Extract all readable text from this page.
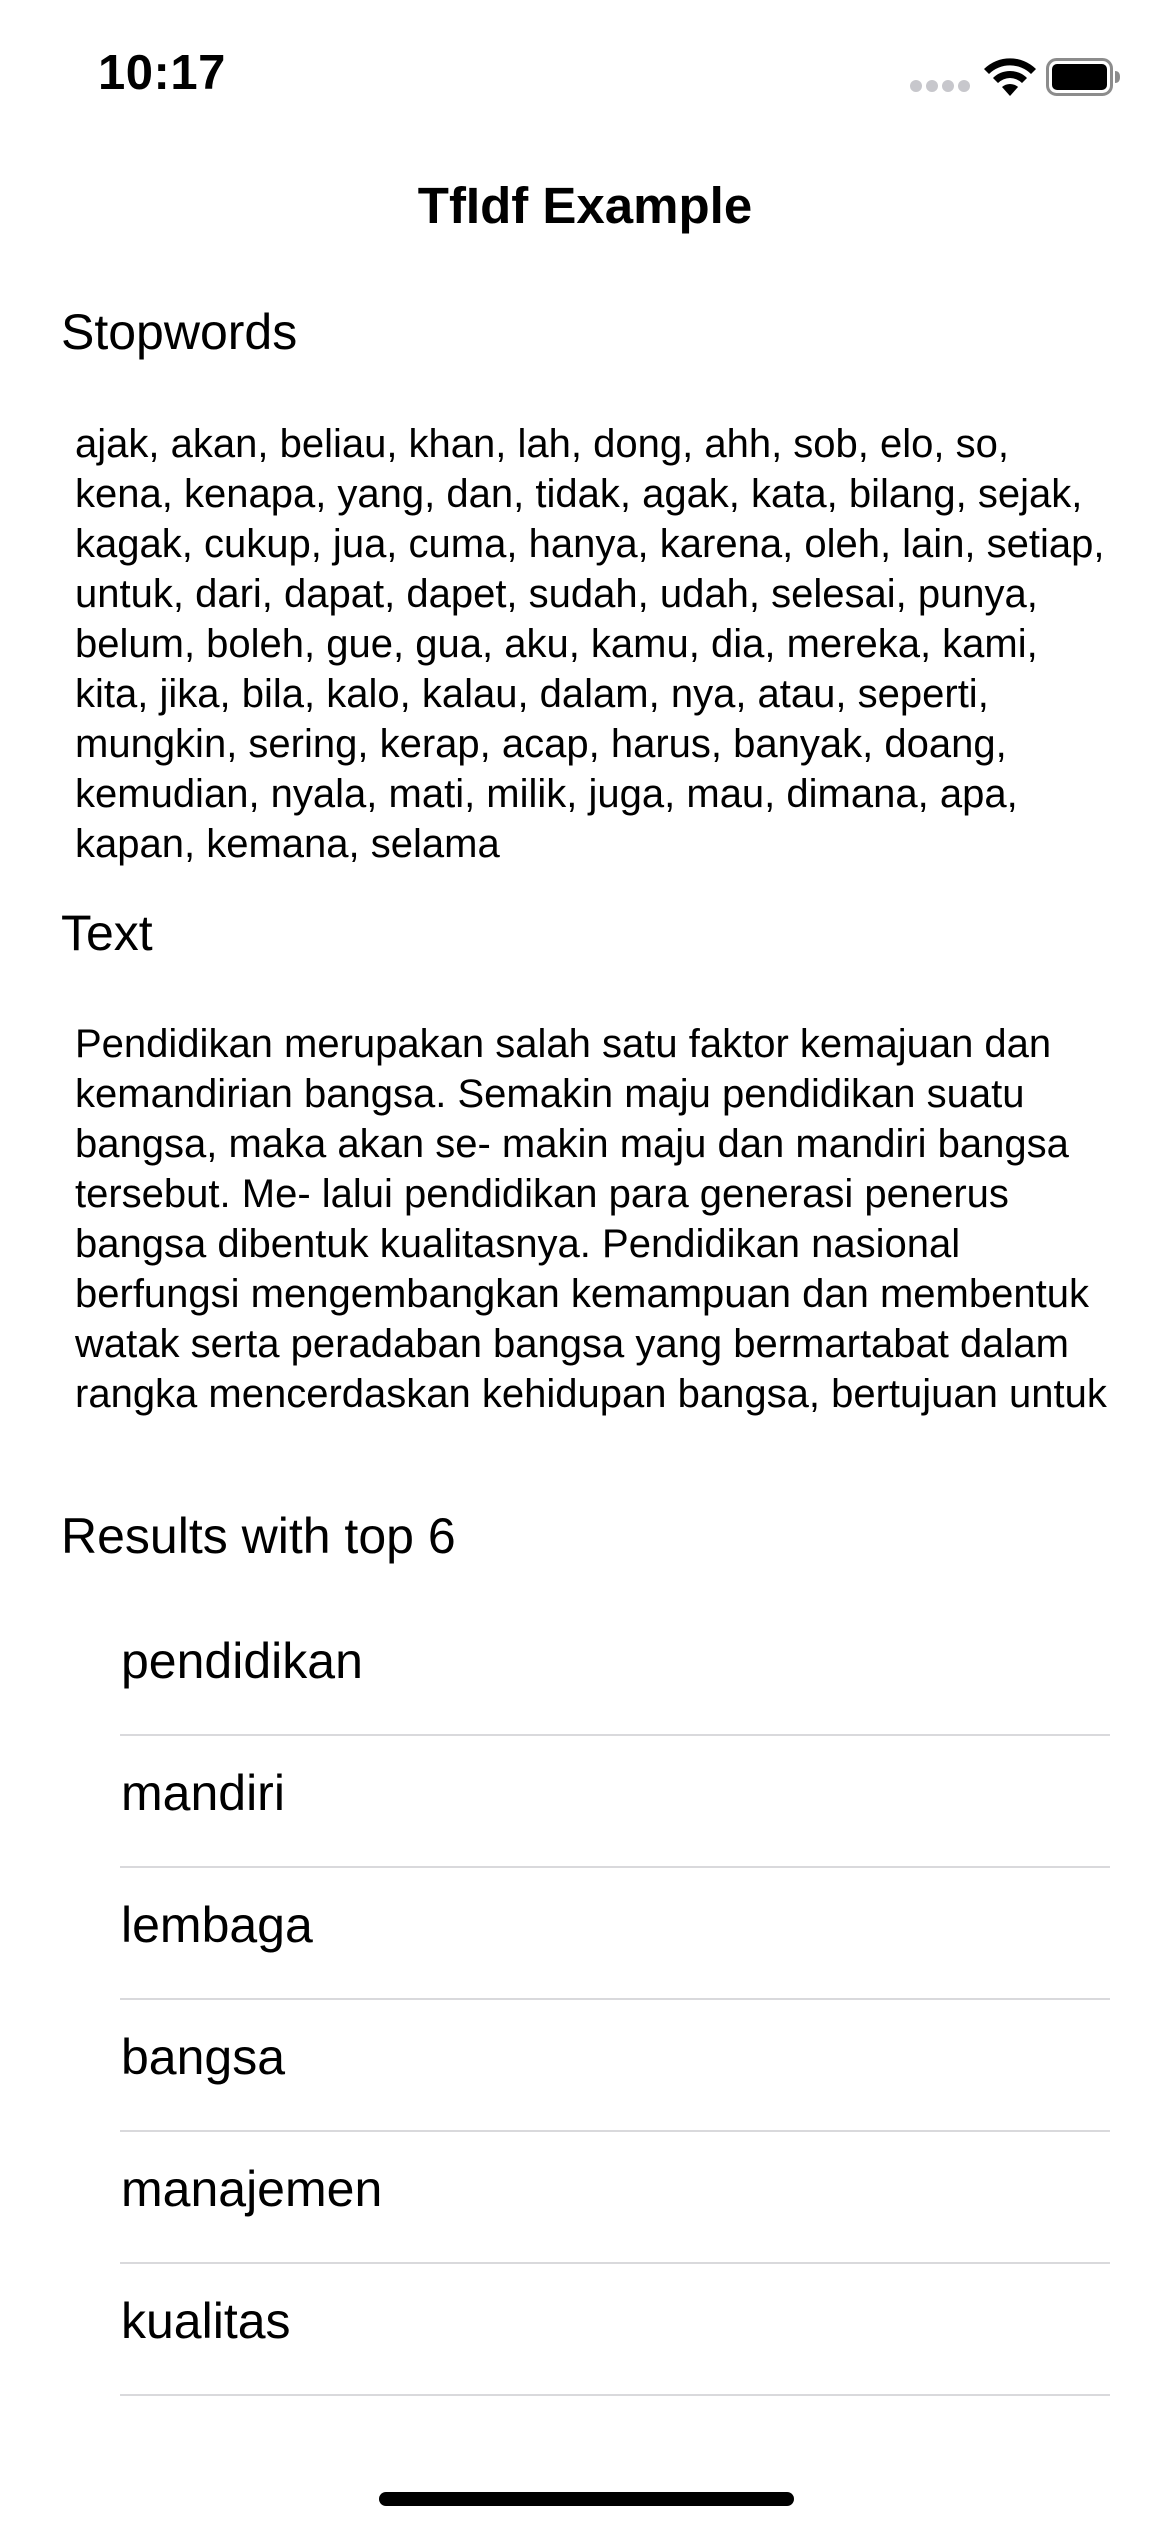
10:17
TfIdf Example
Stopwords
ajak, akan, beliau, khan, lah, dong, ahh, sob, elo, so, kena, kenapa, yang, dan, tidak, agak, kata, bilang, sejak, kagak, cukup, jua, cuma, hanya, karena, oleh, lain, setiap, untuk, dari, dapat, dapet, sudah, udah, selesai, punya, belum, boleh, gue, gua, aku, kamu, dia, mereka, kami, kita, jika, bila, kalo, kalau, dalam, nya, atau, seperti, mungkin, sering, kerap, acap, harus, banyak, doang, kemudian, nyala, mati, milik, juga, mau, dimana, apa, kapan, kemana, selama
Text
Pendidikan merupakan salah satu faktor kemajuan dan kemandirian bangsa. Semakin maju pendidikan suatu bangsa, maka akan se- makin maju dan mandiri bangsa tersebut. Me- lalui pendidikan para generasi penerus bangsa dibentuk kualitasnya. Pendidikan nasional berfungsi mengembangkan kemampuan dan membentuk watak serta peradaban bangsa yang bermartabat dalam rangka mencerdaskan kehidupan bangsa, bertujuan untuk
Results with top 6
pendidikan
mandiri
lembaga
bangsa
manajemen
kualitas
